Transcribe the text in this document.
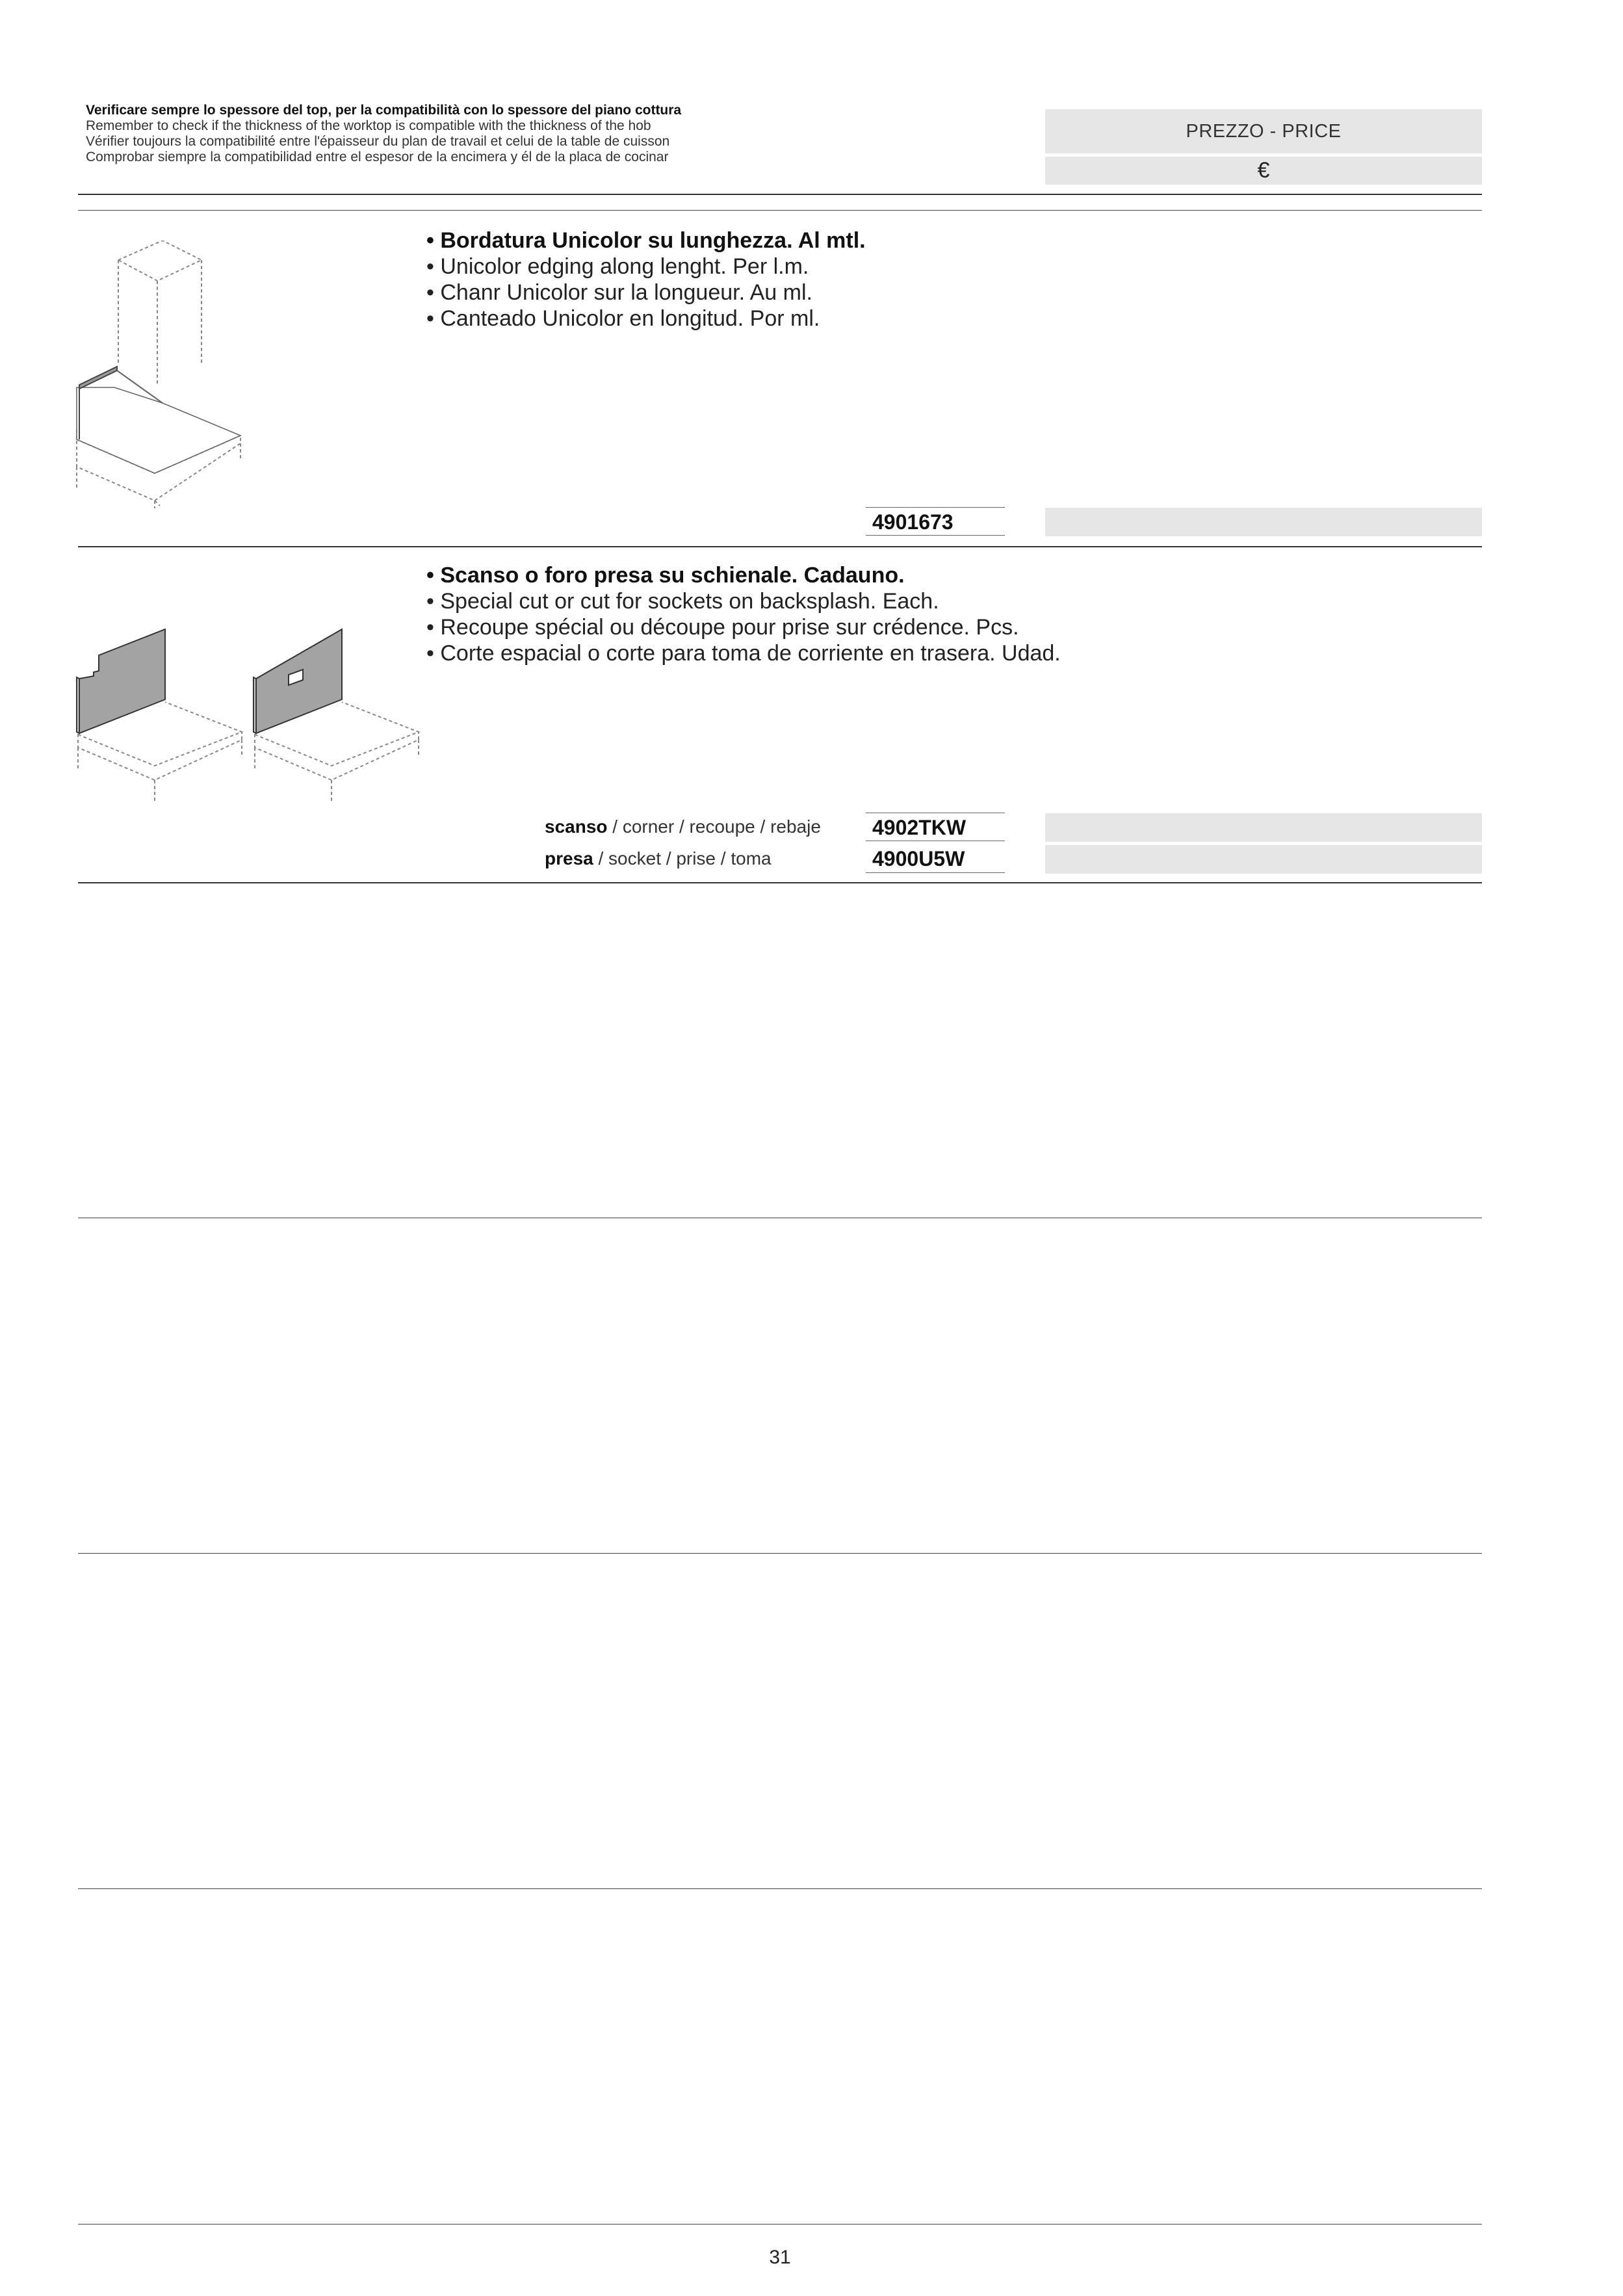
Verificare sempre lo spessore del top, per la compatibilità con lo spessore del piano cottura
Remember to check if the thickness of the worktop is compatible with the thickness of the hob
Vérifier toujours la compatibilité entre l'épaisseur du plan de travail et celui de la table de cuisson
Comprobar siempre la compatibilidad entre el espesor de la encimera y él de la placa de cocinar
PREZZO - PRICE
€
• Bordatura Unicolor su lunghezza. Al mtl.
• Unicolor edging along lenght. Per l.m.
• Chanr Unicolor sur la longueur. Au ml.
• Canteado Unicolor en longitud. Por ml.
4901673
• Scanso o foro presa su schienale. Cadauno.
• Special cut or cut for sockets on backsplash. Each.
• Recoupe spécial ou découpe pour prise sur crédence. Pcs.
• Corte espacial o corte para toma de corriente en trasera. Udad.
scanso / corner / recoupe / rebaje	4902TKW
presa / socket / prise / toma	4900U5W
31
